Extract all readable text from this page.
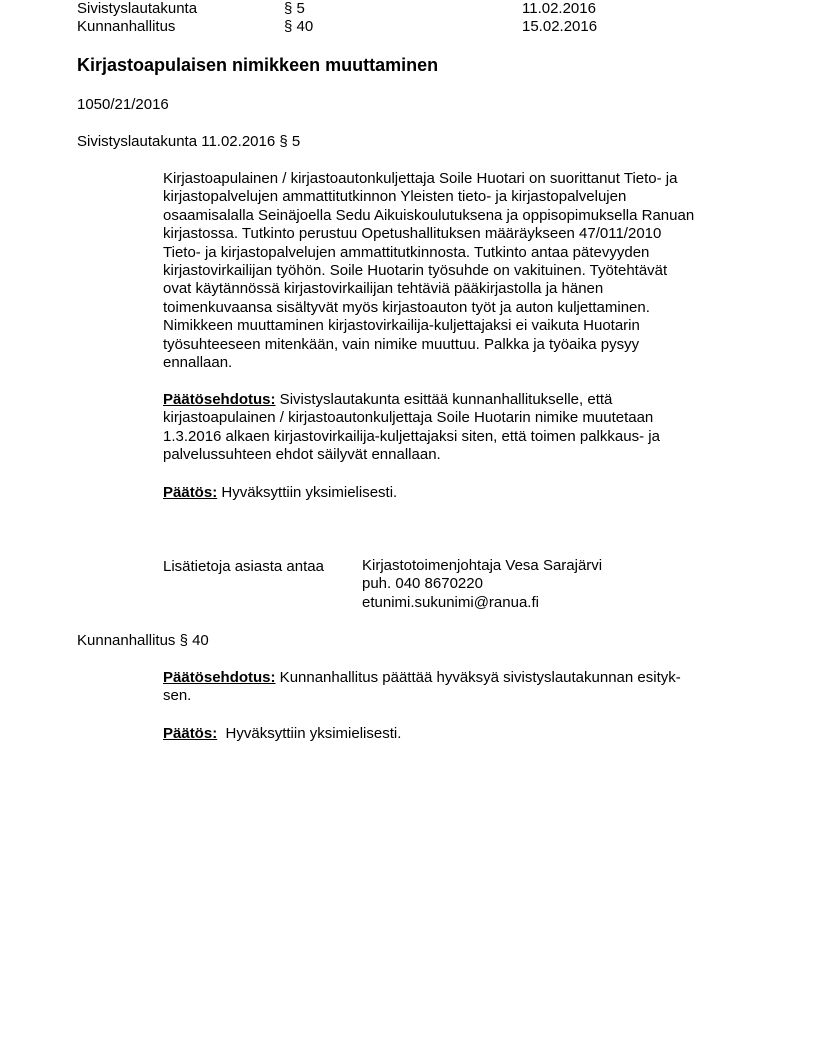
Sivistyslautakunta	§ 5	11.02.2016
Kunnanhallitus	§ 40	15.02.2016
Kirjastoapulaisen nimikkeen muuttaminen
1050/21/2016
Sivistyslautakunta 11.02.2016 § 5
Kirjastoapulainen / kirjastoautonkuljettaja Soile Huotari on suorittanut Tieto- ja
kirjastopalvelujen ammattitutkinnon Yleisten tieto- ja kirjastopalvelujen
osaamisalalla Seinäjoella Sedu Aikuiskoulutuksena ja oppisopimuksella Ranuan
kirjastossa. Tutkinto perustuu Opetushallituksen määräykseen 47/011/2010
Tieto- ja kirjastopalvelujen ammattitutkinnosta. Tutkinto antaa pätevyyden
kirjastovirkailijan työhön. Soile Huotarin työsuhde on vakituinen. Työtehtävät
ovat käytännössä kirjastovirkailijan tehtäviä pääkirjastolla ja hänen
toimenkuvaansa sisältyvät myös kirjastoauton työt ja auton kuljettaminen.
Nimikkeen muuttaminen kirjastovirkailija-kuljettajaksi ei vaikuta Huotarin
työsuhteeseen mitenkään, vain nimike muuttuu. Palkka ja työaika pysyy
ennallaan.
Päätösehdotus: Sivistyslautakunta esittää kunnanhallitukselle, että
kirjastoapulainen / kirjastoautonkuljettaja Soile Huotarin nimike muutetaan
1.3.2016 alkaen kirjastovirkailija-kuljettajaksi siten, että toimen palkkaus- ja
palvelussuhteen ehdot säilyvät ennallaan.
Päätös: Hyväksyttiin yksimielisesti.
Lisätietoja asiasta antaa	Kirjastotoimenjohtaja Vesa Sarajärvi
puh. 040 8670220
etunimi.sukunimi@ranua.fi
Kunnanhallitus § 40
Päätösehdotus: Kunnanhallitus päättää hyväksyä sivistyslautakunnan esityk-
sen.
Päätös:  Hyväksyttiin yksimielisesti.
